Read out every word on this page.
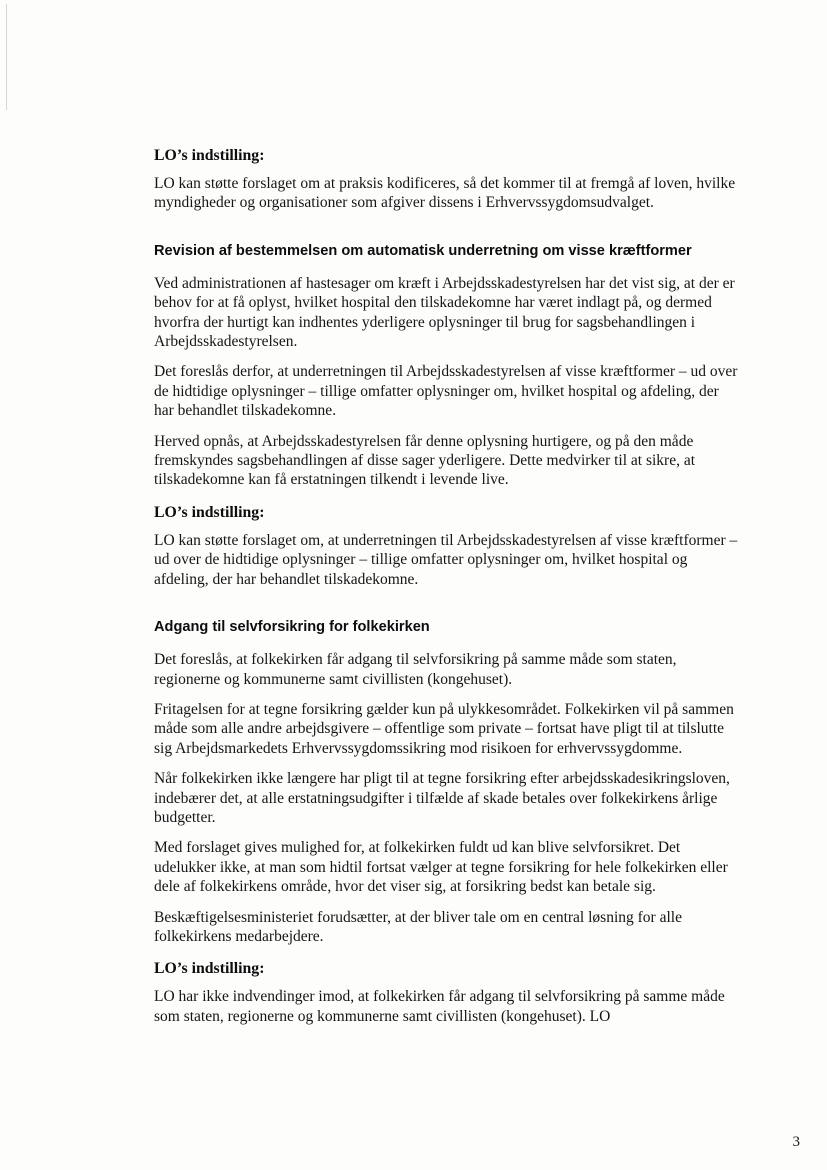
LO’s indstilling:

LO kan støtte forslaget om at praksis kodificeres, så det kommer til at fremgå af loven, hvilke myndigheder og organisationer som afgiver dissens i Erhvervssygdomsudvalget.

Revision af bestemmelsen om automatisk underretning om visse kræftformer

Ved administrationen af hastesager om kræft i Arbejdsskadestyrelsen har det vist sig, at der er behov for at få oplyst, hvilket hospital den tilskadekomne har været indlagt på, og dermed hvorfra der hurtigt kan indhentes yderligere oplysninger til brug for sagsbehandlingen i Arbejdsskadestyrelsen.

Det foreslås derfor, at underretningen til Arbejdsskadestyrelsen af visse kræftformer – ud over de hidtidige oplysninger – tillige omfatter oplysninger om, hvilket hospital og afdeling, der har behandlet tilskadekomne.

Herved opnås, at Arbejdsskadestyrelsen får denne oplysning hurtigere, og på den måde fremskyndes sagsbehandlingen af disse sager yderligere. Dette medvirker til at sikre, at tilskadekomne kan få erstatningen tilkendt i levende live.

LO’s indstilling:

LO kan støtte forslaget om, at underretningen til Arbejdsskadestyrelsen af visse kræftformer – ud over de hidtidige oplysninger – tillige omfatter oplysninger om, hvilket hospital og afdeling, der har behandlet tilskadekomne.

Adgang til selvforsikring for folkekirken

Det foreslås, at folkekirken får adgang til selvforsikring på samme måde som staten, regionerne og kommunerne samt civillisten (kongehuset).

Fritagelsen for at tegne forsikring gælder kun på ulykkesområdet. Folkekirken vil på sammen måde som alle andre arbejdsgivere – offentlige som private – fortsat have pligt til at tilslutte sig Arbejdsmarkedets Erhvervssygdomssikring mod risikoen for erhvervssygdomme.

Når folkekirken ikke længere har pligt til at tegne forsikring efter arbejdsskadesikringsloven, indebærer det, at alle erstatningsudgifter i tilfælde af skade betales over folkekirkens årlige budgetter.

Med forslaget gives mulighed for, at folkekirken fuldt ud kan blive selvforsikret. Det udelukker ikke, at man som hidtil fortsat vælger at tegne forsikring for hele folkekirken eller dele af folkekirkens område, hvor det viser sig, at forsikring bedst kan betale sig.

Beskæftigelsesministeriet forudsætter, at der bliver tale om en central løsning for alle folkekirkens medarbejdere.

LO’s indstilling:

LO har ikke indvendinger imod, at folkekirken får adgang til selvforsikring på samme måde som staten, regionerne og kommunerne samt civillisten (kongehuset). LO

3
